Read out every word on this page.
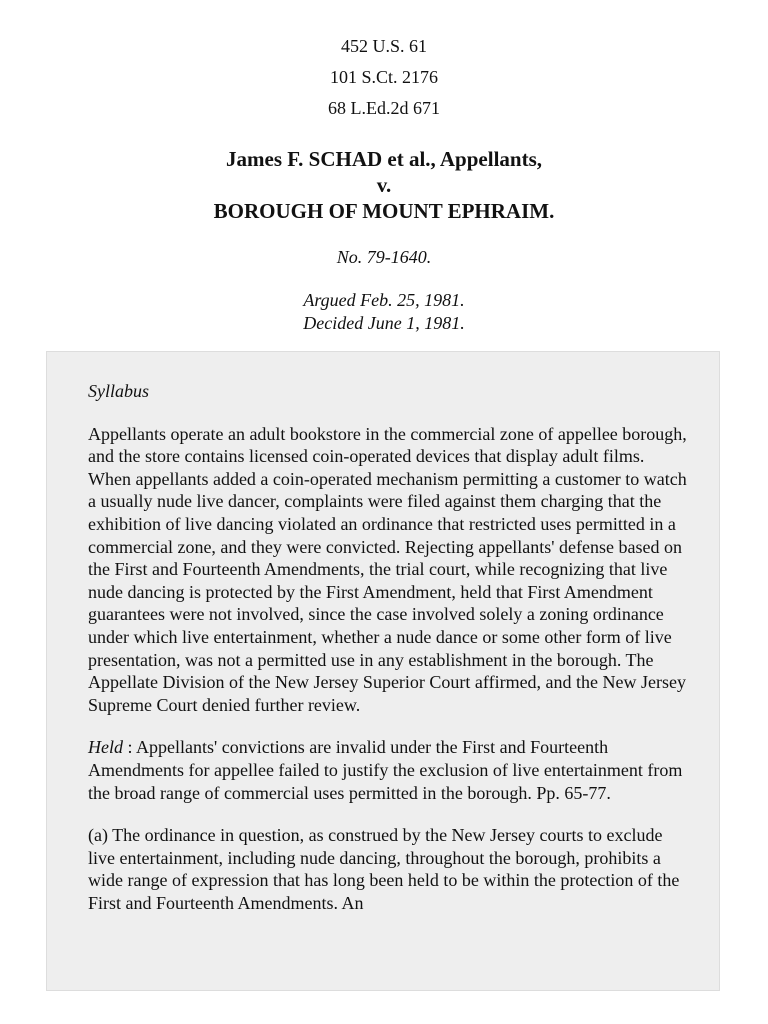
452 U.S. 61
101 S.Ct. 2176
68 L.Ed.2d 671
James F. SCHAD et al., Appellants,
v.
BOROUGH OF MOUNT EPHRAIM.
No. 79-1640.
Argued Feb. 25, 1981.
Decided June 1, 1981.
Syllabus
Appellants operate an adult bookstore in the commercial zone of appellee borough, and the store contains licensed coin-operated devices that display adult films. When appellants added a coin-operated mechanism permitting a customer to watch a usually nude live dancer, complaints were filed against them charging that the exhibition of live dancing violated an ordinance that restricted uses permitted in a commercial zone, and they were convicted. Rejecting appellants' defense based on the First and Fourteenth Amendments, the trial court, while recognizing that live nude dancing is protected by the First Amendment, held that First Amendment guarantees were not involved, since the case involved solely a zoning ordinance under which live entertainment, whether a nude dance or some other form of live presentation, was not a permitted use in any establishment in the borough. The Appellate Division of the New Jersey Superior Court affirmed, and the New Jersey Supreme Court denied further review.
Held : Appellants' convictions are invalid under the First and Fourteenth Amendments for appellee failed to justify the exclusion of live entertainment from the broad range of commercial uses permitted in the borough. Pp. 65-77.
(a) The ordinance in question, as construed by the New Jersey courts to exclude live entertainment, including nude dancing, throughout the borough, prohibits a wide range of expression that has long been held to be within the protection of the First and Fourteenth Amendments. An
